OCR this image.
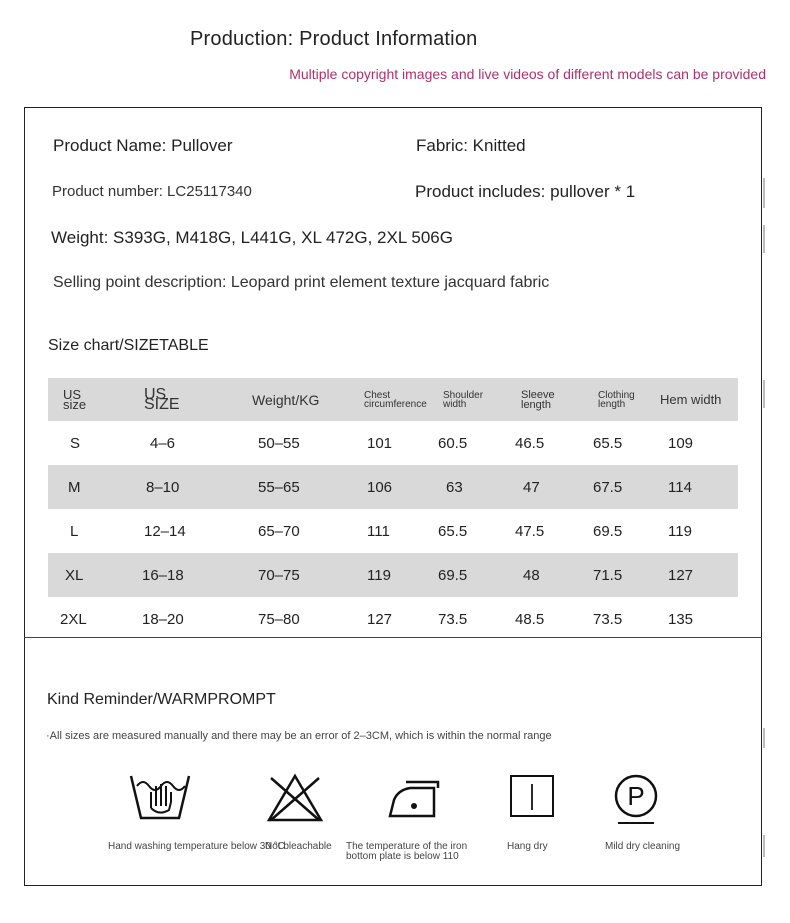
Production: Product Information
Multiple copyright images and live videos of different models can be provided
Product Name: Pullover	Fabric: Knitted
Product number: LC25117340	Product includes: pullover * 1
Weight: S393G, M418G, L441G, XL 472G, 2XL 506G
Selling point description: Leopard print element texture jacquard fabric
Size chart/SIZETABLE
US size	US SIZE	Weight/KG	Chest circumference	Shoulder width	Sleeve length	Clothing length	Hem width
S	4–6	50–55	101	60.5	46.5	65.5	109
M	8–10	55–65	106	63	47	67.5	114
L	12–14	65–70	111	65.5	47.5	69.5	119
XL	16–18	70–75	119	69.5	48	71.5	127
2XL	18–20	75–80	127	73.5	48.5	73.5	135
Kind Reminder/WARMPROMPT
·All sizes are measured manually and there may be an error of 2–3CM, which is within the normal range
P
Hand washing temperature below 30 °C
Not bleachable The temperature of the iron bottom plate is below 110
Hang dry	Mild dry cleaning
